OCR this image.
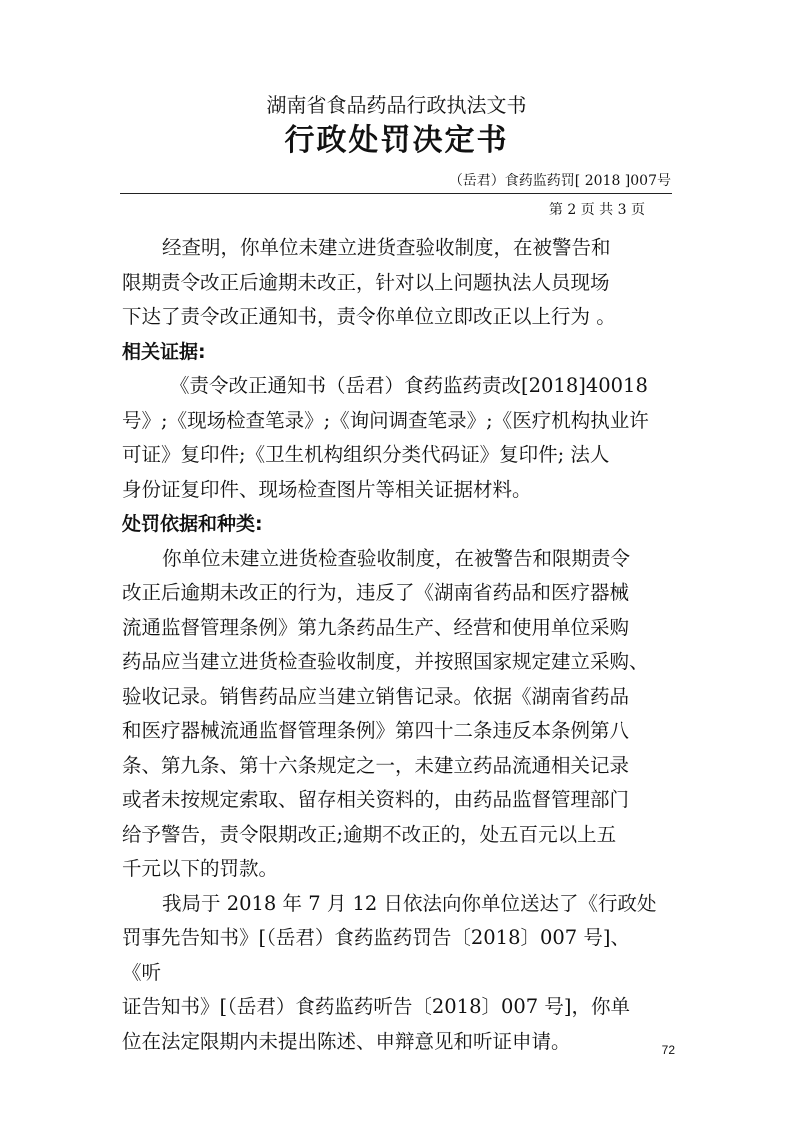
湖南省食品药品行政执法文书
行政处罚决定书
（岳君）食药监药罚[ 2018 ]007号
第 2 页 共 3 页
经查明，你单位未建立进货查验收制度，在被警告和
限期责令改正后逾期未改正，针对以上问题执法人员现场
下达了责令改正通知书，责令你单位立即改正以上行为 。
相关证据:
《责令改正通知书（岳君）食药监药责改[2018]40018
号》;《现场检查笔录》;《询问调查笔录》;《医疗机构执业许
可证》复印件;《卫生机构组织分类代码证》复印件; 法人
身份证复印件、现场检查图片等相关证据材料。
处罚依据和种类:
你单位未建立进货检查验收制度，在被警告和限期责令
改正后逾期未改正的行为，违反了《湖南省药品和医疗器械
流通监督管理条例》第九条药品生产、经营和使用单位采购
药品应当建立进货检查验收制度，并按照国家规定建立采购、
验收记录。销售药品应当建立销售记录。依据《湖南省药品
和医疗器械流通监督管理条例》第四十二条违反本条例第八
条、第九条、第十六条规定之一，未建立药品流通相关记录
或者未按规定索取、留存相关资料的，由药品监督管理部门
给予警告，责令限期改正;逾期不改正的，处五百元以上五
千元以下的罚款。
我局于 2018 年 7 月 12 日依法向你单位送达了《行政处
罚事先告知书》[（岳君）食药监药罚告〔2018〕007 号]、
《听
证告知书》[（岳君）食药监药听告〔2018〕007 号]，你单
位在法定限期内未提出陈述、申辩意见和听证申请。	72
